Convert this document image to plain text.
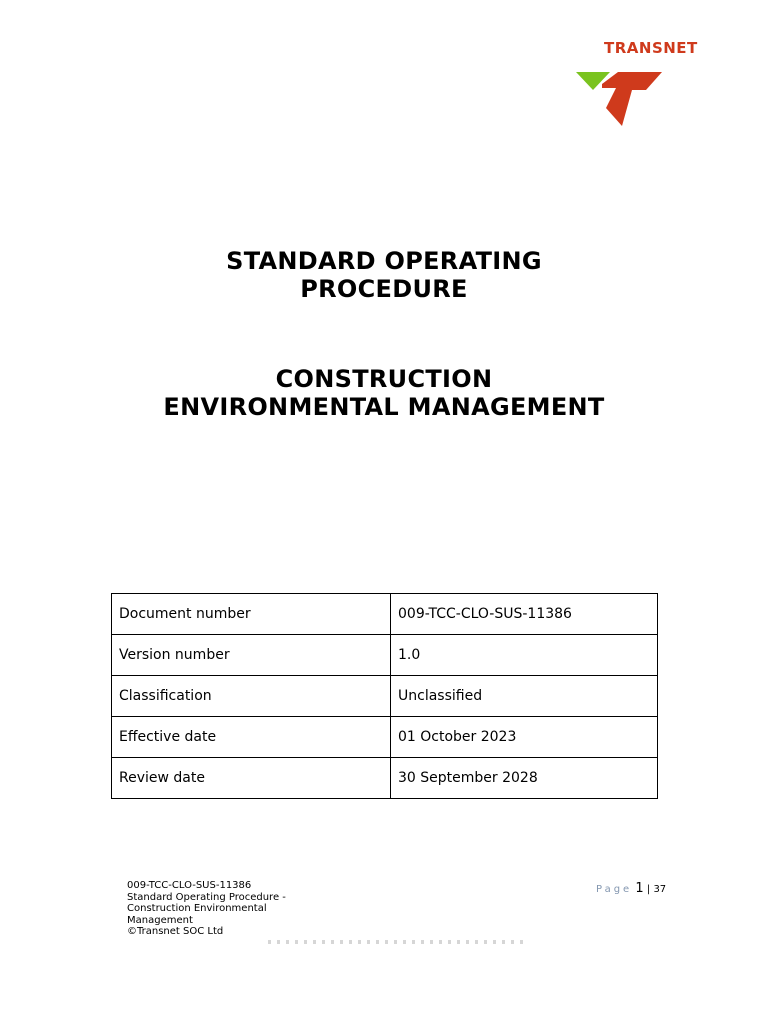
TRANSNET
STANDARD OPERATING
PROCEDURE
CONSTRUCTION
ENVIRONMENTAL MANAGEMENT
Document number	009-TCC-CLO-SUS-11386
Version number	1.0
Classification	Unclassified
Effective date	01 October 2023
Review date	30 September 2028
009-TCC-CLO-SUS-11386
Standard Operating Procedure -
Construction Environmental
Management
©Transnet SOC Ltd
Page 1 | 37
